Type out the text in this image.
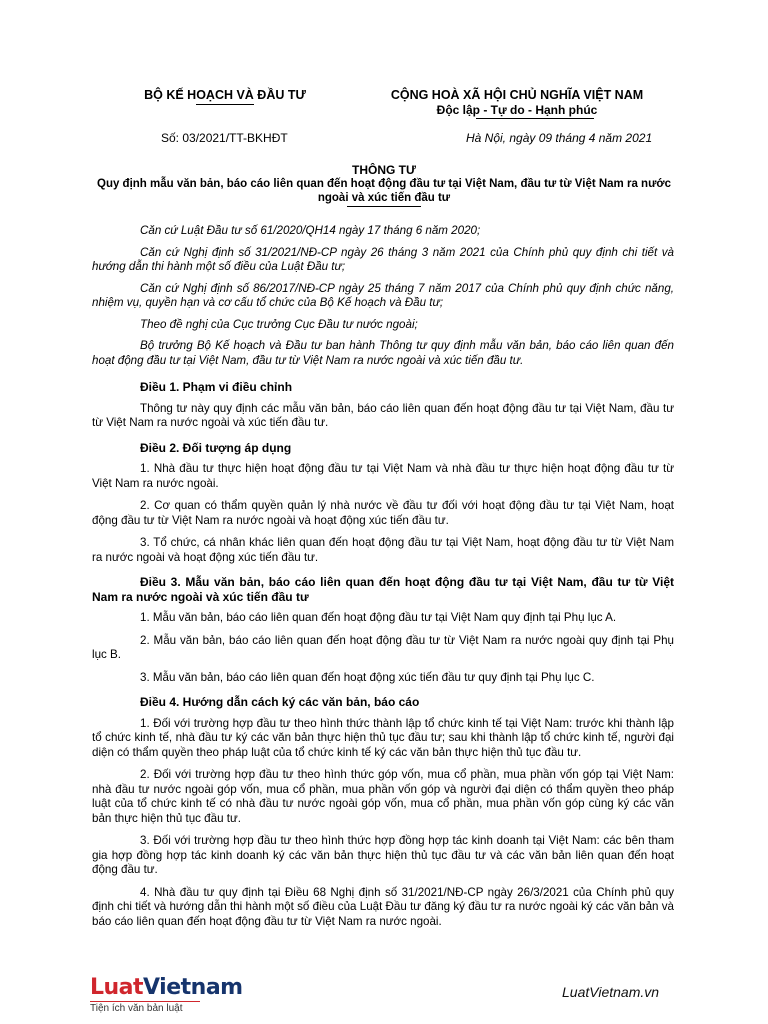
BỘ KẾ HOẠCH VÀ ĐẦU TƯ	CỘNG HOÀ XÃ HỘI CHỦ NGHĨA VIỆT NAM
Độc lập - Tự do - Hạnh phúc
Số: 03/2021/TT-BKHĐT	Hà Nội, ngày 09 tháng 4 năm 2021
THÔNG TƯ
Quy định mẫu văn bản, báo cáo liên quan đến hoạt động đầu tư tại Việt Nam, đầu tư từ Việt Nam ra nước ngoài và xúc tiến đầu tư

Căn cứ Luật Đầu tư số 61/2020/QH14 ngày 17 tháng 6 năm 2020;

Căn cứ Nghị định số 31/2021/NĐ-CP ngày 26 tháng 3 năm 2021 của Chính phủ quy định chi tiết và hướng dẫn thi hành một số điều của Luật Đầu tư;

Căn cứ Nghị định số 86/2017/NĐ-CP ngày 25 tháng 7 năm 2017 của Chính phủ quy định chức năng, nhiệm vụ, quyền hạn và cơ cấu tổ chức của Bộ Kế hoạch và Đầu tư;

Theo đề nghị của Cục trưởng Cục Đầu tư nước ngoài;

Bộ trưởng Bộ Kế hoạch và Đầu tư ban hành Thông tư quy định mẫu văn bản, báo cáo liên quan đến hoạt động đầu tư tại Việt Nam, đầu tư từ Việt Nam ra nước ngoài và xúc tiến đầu tư.

Điều 1. Phạm vi điều chỉnh

Thông tư này quy định các mẫu văn bản, báo cáo liên quan đến hoạt động đầu tư tại Việt Nam, đầu tư từ Việt Nam ra nước ngoài và xúc tiến đầu tư.

Điều 2. Đối tượng áp dụng

1. Nhà đầu tư thực hiện hoạt động đầu tư tại Việt Nam và nhà đầu tư thực hiện hoạt động đầu tư từ Việt Nam ra nước ngoài.

2. Cơ quan có thẩm quyền quản lý nhà nước về đầu tư đối với hoạt động đầu tư tại Việt Nam, hoạt động đầu tư từ Việt Nam ra nước ngoài và hoạt động xúc tiến đầu tư.

3. Tổ chức, cá nhân khác liên quan đến hoạt động đầu tư tại Việt Nam, hoạt động đầu tư từ Việt Nam ra nước ngoài và hoạt động xúc tiến đầu tư.

Điều 3. Mẫu văn bản, báo cáo liên quan đến hoạt động đầu tư tại Việt Nam, đầu tư từ Việt Nam ra nước ngoài và xúc tiến đầu tư

1. Mẫu văn bản, báo cáo liên quan đến hoạt động đầu tư tại Việt Nam quy định tại Phụ lục A.

2. Mẫu văn bản, báo cáo liên quan đến hoạt động đầu tư từ Việt Nam ra nước ngoài quy định tại Phụ lục B.

3. Mẫu văn bản, báo cáo liên quan đến hoạt động xúc tiến đầu tư quy định tại Phụ lục C.

Điều 4. Hướng dẫn cách ký các văn bản, báo cáo

1. Đối với trường hợp đầu tư theo hình thức thành lập tổ chức kinh tế tại Việt Nam: trước khi thành lập tổ chức kinh tế, nhà đầu tư ký các văn bản thực hiện thủ tục đầu tư; sau khi thành lập tổ chức kinh tế, người đại diện có thẩm quyền theo pháp luật của tổ chức kinh tế ký các văn bản thực hiện thủ tục đầu tư.

2. Đối với trường hợp đầu tư theo hình thức góp vốn, mua cổ phần, mua phần vốn góp tại Việt Nam: nhà đầu tư nước ngoài góp vốn, mua cổ phần, mua phần vốn góp và người đại diện có thẩm quyền theo pháp luật của tổ chức kinh tế có nhà đầu tư nước ngoài góp vốn, mua cổ phần, mua phần vốn góp cùng ký các văn bản thực hiện thủ tục đầu tư.

3. Đối với trường hợp đầu tư theo hình thức hợp đồng hợp tác kinh doanh tại Việt Nam: các bên tham gia hợp đồng hợp tác kinh doanh ký các văn bản thực hiện thủ tục đầu tư và các văn bản liên quan đến hoạt động đầu tư.

4. Nhà đầu tư quy định tại Điều 68 Nghị định số 31/2021/NĐ-CP ngày 26/3/2021 của Chính phủ quy định chi tiết và hướng dẫn thi hành một số điều của Luật Đầu tư đăng ký đầu tư ra nước ngoài ký các văn bản và báo cáo liên quan đến hoạt động đầu tư từ Việt Nam ra nước ngoài.

LuatVietnam
Tiện ích văn bản luật
LuatVietnam.vn
